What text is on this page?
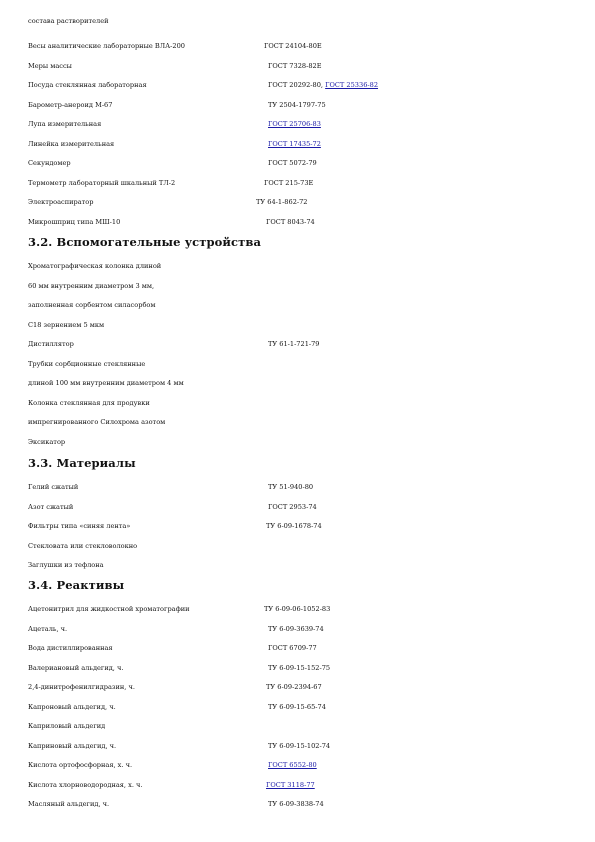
состава растворителей
Весы аналитические лабораторные ВЛА-200	ГОСТ 24104-80Е
Меры массы	ГОСТ 7328-82Е
Посуда стеклянная лабораторная	ГОСТ 20292-80, ГОСТ 25336-82
Барометр-анероид М-67	ТУ 2504-1797-75
Лупа измерительная	ГОСТ 25706-83
Линейка измерительная	ГОСТ 17435-72
Секундомер	ГОСТ 5072-79
Термометр лабораторный шкальный ТЛ-2	ГОСТ 215-73Е
Электроаспиратор	ТУ 64-1-862-72
Микрошприц типа МШ-10	ГОСТ 8043-74
3.2. Вспомогательные устройства
Хроматографическая колонка длиной
60 мм внутренним диаметром 3 мм,
заполненная сорбентом силасорбом
С18 зернением 5 мкм
Дистиллятор	ТУ 61-1-721-79
Трубки сорбционные стеклянные
длиной 100 мм внутренним диаметром 4 мм
Колонка стеклянная для продувки
импрегнированного Силохрома азотом
Эксикатор
3.3. Материалы
Гелий сжатый	ТУ 51-940-80
Азот сжатый	ГОСТ 2953-74
Фильтры типа «синяя лента»	ТУ 6-09-1678-74
Стекловата или стекловолокно
Заглушки из тефлона
3.4. Реактивы
Ацетонитрил для жидкостной хроматографии	ТУ 6-09-06-1052-83
Ацеталь, ч.	ТУ 6-09-3639-74
Вода дистиллированная	ГОСТ 6709-77
Валериановый альдегид, ч.	ТУ 6-09-15-152-75
2,4-динитрофенилгидразин, ч.	ТУ 6-09-2394-67
Капроновый альдегид, ч.	ТУ 6-09-15-65-74
Каприловый альдегид
Каприновый альдегид, ч.	ТУ 6-09-15-102-74
Кислота ортофосфорная, х. ч.	ГОСТ 6552-80
Кислота хлорноводородная, х. ч.	ГОСТ 3118-77
Масляный альдегид, ч.	ТУ 6-09-3838-74
